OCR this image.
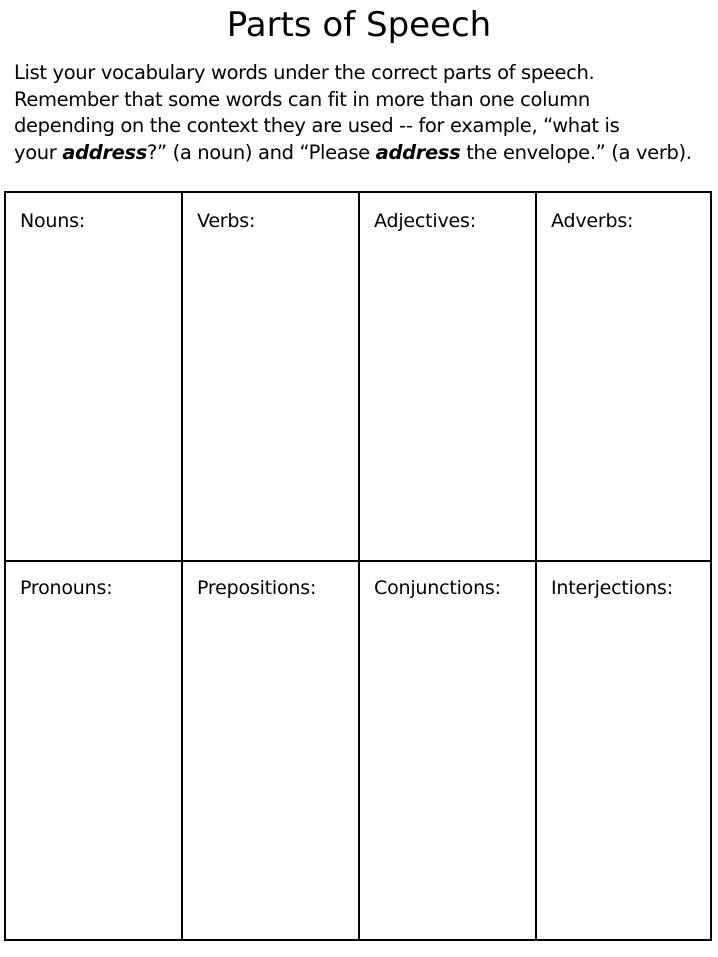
Parts of Speech
List your vocabulary words under the correct parts of speech.
Remember that some words can fit in more than one column
depending on the context they are used -- for example, “what is
your address?” (a noun) and “Please address the envelope.” (a verb).
Nouns:	Verbs:	Adjectives:	Adverbs:
Pronouns:	Prepositions:	Conjunctions:	Interjections:
